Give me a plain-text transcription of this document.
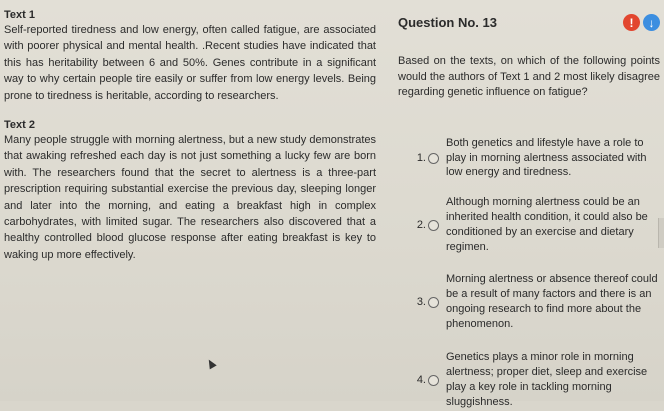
Text 1

Self-reported tiredness and low energy, often called fatigue, are associated with poorer physical and mental health. .Recent studies have indicated that this has heritability between 6 and 50%. Genes contribute in a significant way to why certain people tire easily or suffer from low energy levels. Being prone to tiredness is heritable, according to researchers.

Text 2

Many people struggle with morning alertness, but a new study demonstrates that awaking refreshed each day is not just something a lucky few are born with. The researchers found that the secret to alertness is a three-part prescription requiring substantial exercise the previous day, sleeping longer and later into the morning, and eating a breakfast high in complex carbohydrates, with limited sugar. The researchers also discovered that a healthy controlled blood glucose response after eating breakfast is key to waking up more effectively.

Question No. 13	!	↓
Based on the texts, on which of the following points would the authors of Text 1 and 2 most likely disagree regarding genetic influence on fatigue?
1.
Both genetics and lifestyle have a role to play in morning alertness associated with low energy and tiredness.
2.
Although morning alertness could be an inherited health condition, it could also be conditioned by an exercise and dietary regimen.
3.
Morning alertness or absence thereof could be a result of many factors and there is an ongoing research to find more about the phenomenon.
4.
Genetics plays a minor role in morning alertness; proper diet, sleep and exercise play a key role in tackling morning sluggishness.
